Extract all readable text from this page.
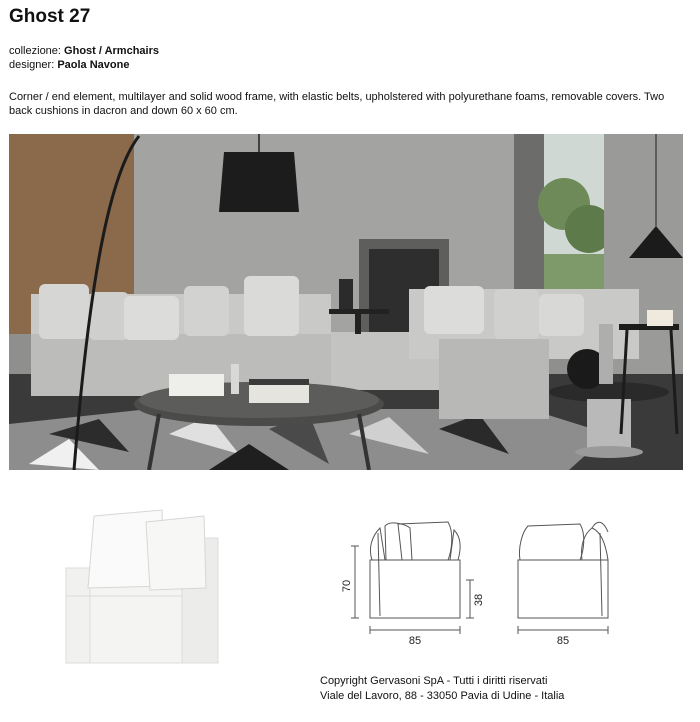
Ghost 27
collezione: Ghost / Armchairs
designer: Paola Navone
Corner / end element, multilayer and solid wood frame, with elastic belts, upholstered with polyurethane foams, removable covers. Two back cushions in dacron and down 60 x 60 cm.
70
38
85	85
Copyright Gervasoni SpA - Tutti i diritti riservati
Viale del Lavoro, 88 - 33050 Pavia di Udine - Italia
